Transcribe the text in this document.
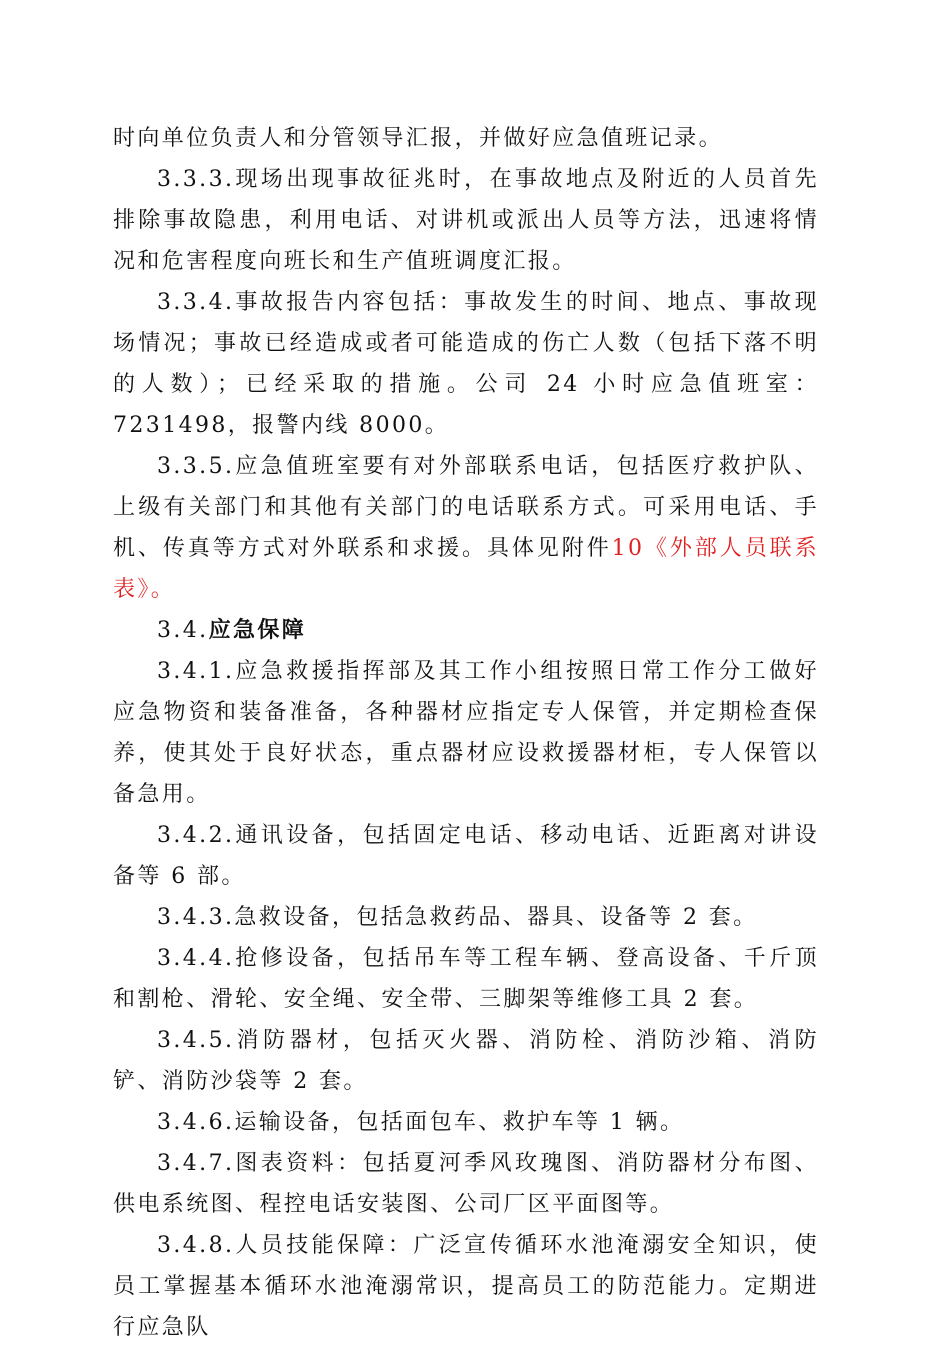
时向单位负责人和分管领导汇报，并做好应急值班记录。

3.3.3.现场出现事故征兆时，在事故地点及附近的人员首先排除事故隐患，利用电话、对讲机或派出人员等方法，迅速将情况和危害程度向班长和生产值班调度汇报。

3.3.4.事故报告内容包括：事故发生的时间、地点、事故现场情况；事故已经造成或者可能造成的伤亡人数（包括下落不明的人数）；已经采取的措施。公司 24 小时应急值班室：7231498，报警内线 8000。

3.3.5.应急值班室要有对外部联系电话，包括医疗救护队、上级有关部门和其他有关部门的电话联系方式。可采用电话、手机、传真等方式对外联系和求援。具体见附件10《外部人员联系表》。

3.4.应急保障

3.4.1.应急救援指挥部及其工作小组按照日常工作分工做好应急物资和装备准备，各种器材应指定专人保管，并定期检查保养，使其处于良好状态，重点器材应设救援器材柜，专人保管以备急用。

3.4.2.通讯设备，包括固定电话、移动电话、近距离对讲设备等 6 部。

3.4.3.急救设备，包括急救药品、器具、设备等 2 套。

3.4.4.抢修设备，包括吊车等工程车辆、登高设备、千斤顶和割枪、滑轮、安全绳、安全带、三脚架等维修工具 2 套。

3.4.5.消防器材，包括灭火器、消防栓、消防沙箱、消防铲、消防沙袋等 2 套。

3.4.6.运输设备，包括面包车、救护车等 1 辆。

3.4.7.图表资料：包括夏河季风玫瑰图、消防器材分布图、供电系统图、程控电话安装图、公司厂区平面图等。

3.4.8.人员技能保障：广泛宣传循环水池淹溺安全知识，使员工掌握基本循环水池淹溺常识，提高员工的防范能力。定期进行应急队
